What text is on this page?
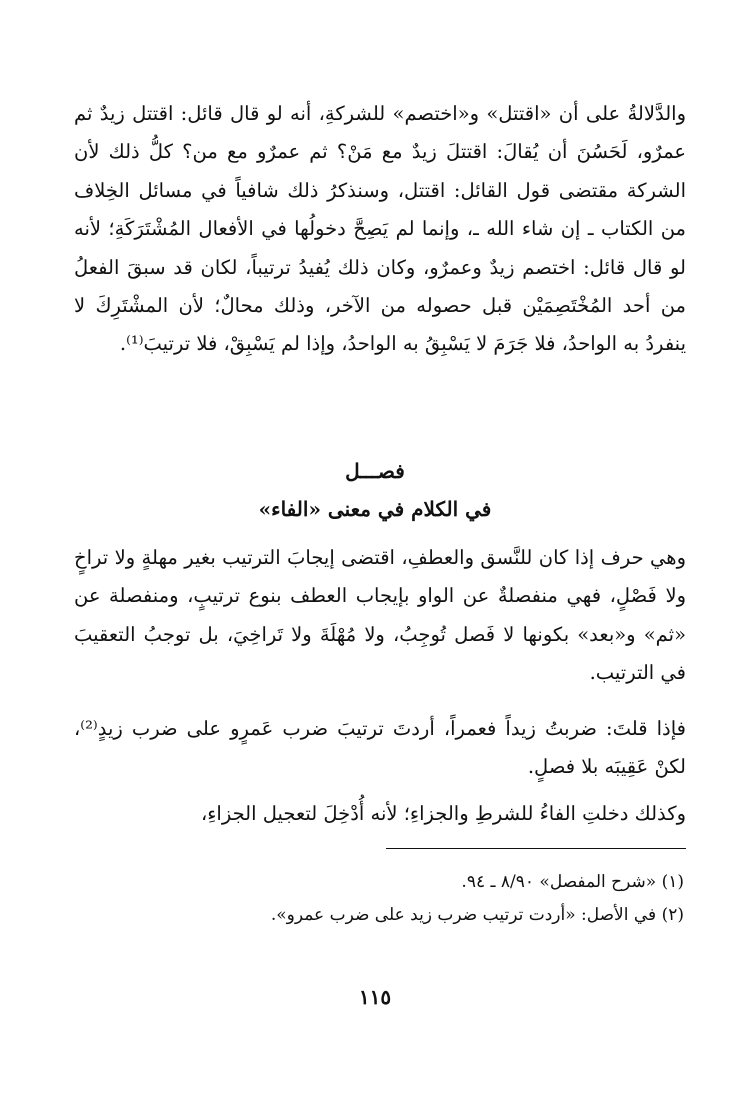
والدَّلالةُ على أن «اقتتل» و«اختصم» للشركةِ، أنه لو قال قائل: اقتتل زيدٌ ثم عمرٌو، لَحَسُنَ أن يُقالَ: اقتتلَ زيدٌ مع مَنْ؟ ثم عمرٌو مع من؟ كلُّ ذلك لأن الشركة مقتضى قول القائل: اقتتل، وسنذكرُ ذلك شافياً في مسائل الخِلاف من الكتاب ـ إن شاء الله ـ، وإنما لم يَصِحَّ دخولُها في الأفعال المُشْتَرَكَةِ؛ لأنه لو قال قائل: اختصم زيدٌ وعمرٌو، وكان ذلك يُفيدُ ترتيباً، لكان قد سبقَ الفعلُ من أحد المُخْتَصِمَيْن قبل حصوله من الآخر، وذلك محالٌ؛ لأن المشْتَرِكَ لا ينفردُ به الواحدُ، فلا جَرَمَ لا يَسْبِقُ به الواحدُ، وإذا لم يَسْبِقْ، فلا ترتيبَ⁽¹⁾.

فصـــل

في الكلام في معنى «الفاء»

وهي حرف إذا كان للنَّسق والعطفِ، اقتضى إيجابَ الترتيب بغير مهلةٍ ولا تراخٍ ولا فَصْلٍ، فهي منفصلةٌ عن الواو بإيجاب العطف بنوع ترتيبٍ، ومنفصلة عن «ثم» و«بعد» بكونها لا فَصل تُوجِبُ، ولا مُهْلَةَ ولا تَراخِيَ، بل توجبُ التعقيبَ في الترتيب.

فإذا قلتَ: ضربتُ زيداً فعمراً، أردتَ ترتيبَ ضرب عَمرٍو على ضرب زيدٍ⁽²⁾، لكنْ عَقِيبَه بلا فصلٍ.

وكذلك دخلتِ الفاءُ للشرطِ والجزاءِ؛ لأنه أُدْخِلَ لتعجيل الجزاءِ،

(١) «شرح المفصل» ٨/٩٠ ـ ٩٤.

(٢) في الأصل: «أردت ترتيب ضرب زيد على ضرب عمرو».

١١٥
